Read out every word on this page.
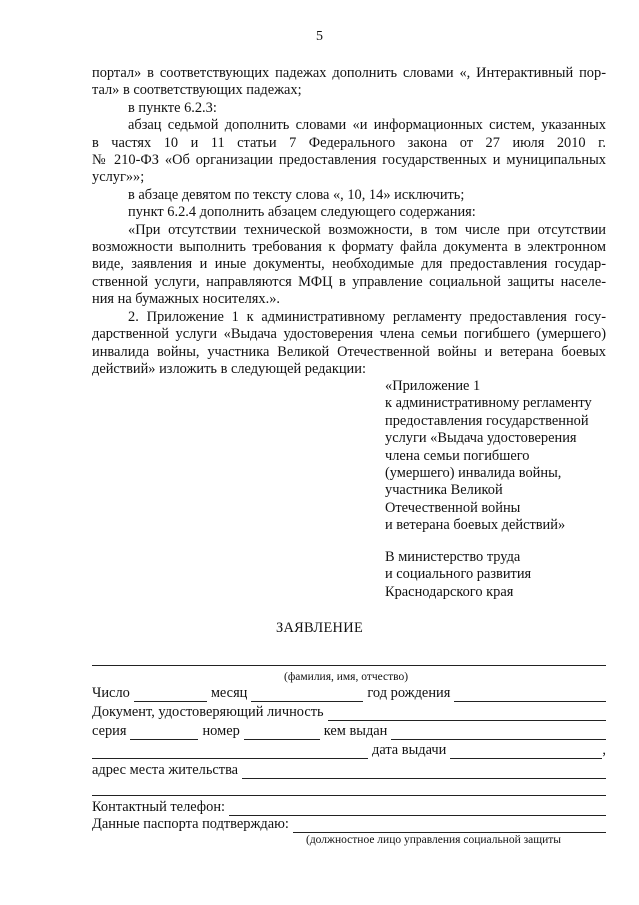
5

портал» в соответствующих падежах дополнить словами «, Интерактивный пор-

тал» в соответствующих падежах;

в пункте 6.2.3:

абзац седьмой дополнить словами «и информационных систем, указанных

в частях 10 и 11 статьи 7 Федерального закона от 27 июля 2010 г.

№ 210-ФЗ «Об организации предоставления государственных и муниципальных

услуг»»;

в абзаце девятом по тексту слова «, 10, 14» исключить;

пункт 6.2.4 дополнить абзацем следующего содержания:

«При отсутствии технической возможности, в том числе при отсутствии

возможности выполнить требования к формату файла документа в электронном

виде, заявления и иные документы, необходимые для предоставления государ-

ственной услуги, направляются МФЦ в управление социальной защиты населе-

ния на бумажных носителях.».

2. Приложение 1 к административному регламенту предоставления госу-

дарственной услуги «Выдача удостоверения члена семьи погибшего (умершего)

инвалида войны, участника Великой Отечественной войны и ветерана боевых

действий» изложить в следующей редакции:

«Приложение 1
к административному регламенту
предоставления государственной
услуги «Выдача удостоверения
члена семьи погибшего
(умершего) инвалида войны,
участника Великой
Отечественной войны
и ветерана боевых действий»
В министерство труда
и социального развития
Краснодарского края
ЗАЯВЛЕНИЕ
(фамилия, имя, отчество)
Число	месяц	год рождения
Документ, удостоверяющий личность
серия	номер	кем выдан
дата выдачи	,
адрес места жительства
Контактный телефон:
Данные паспорта подтверждаю:
(должностное лицо управления социальной защиты
